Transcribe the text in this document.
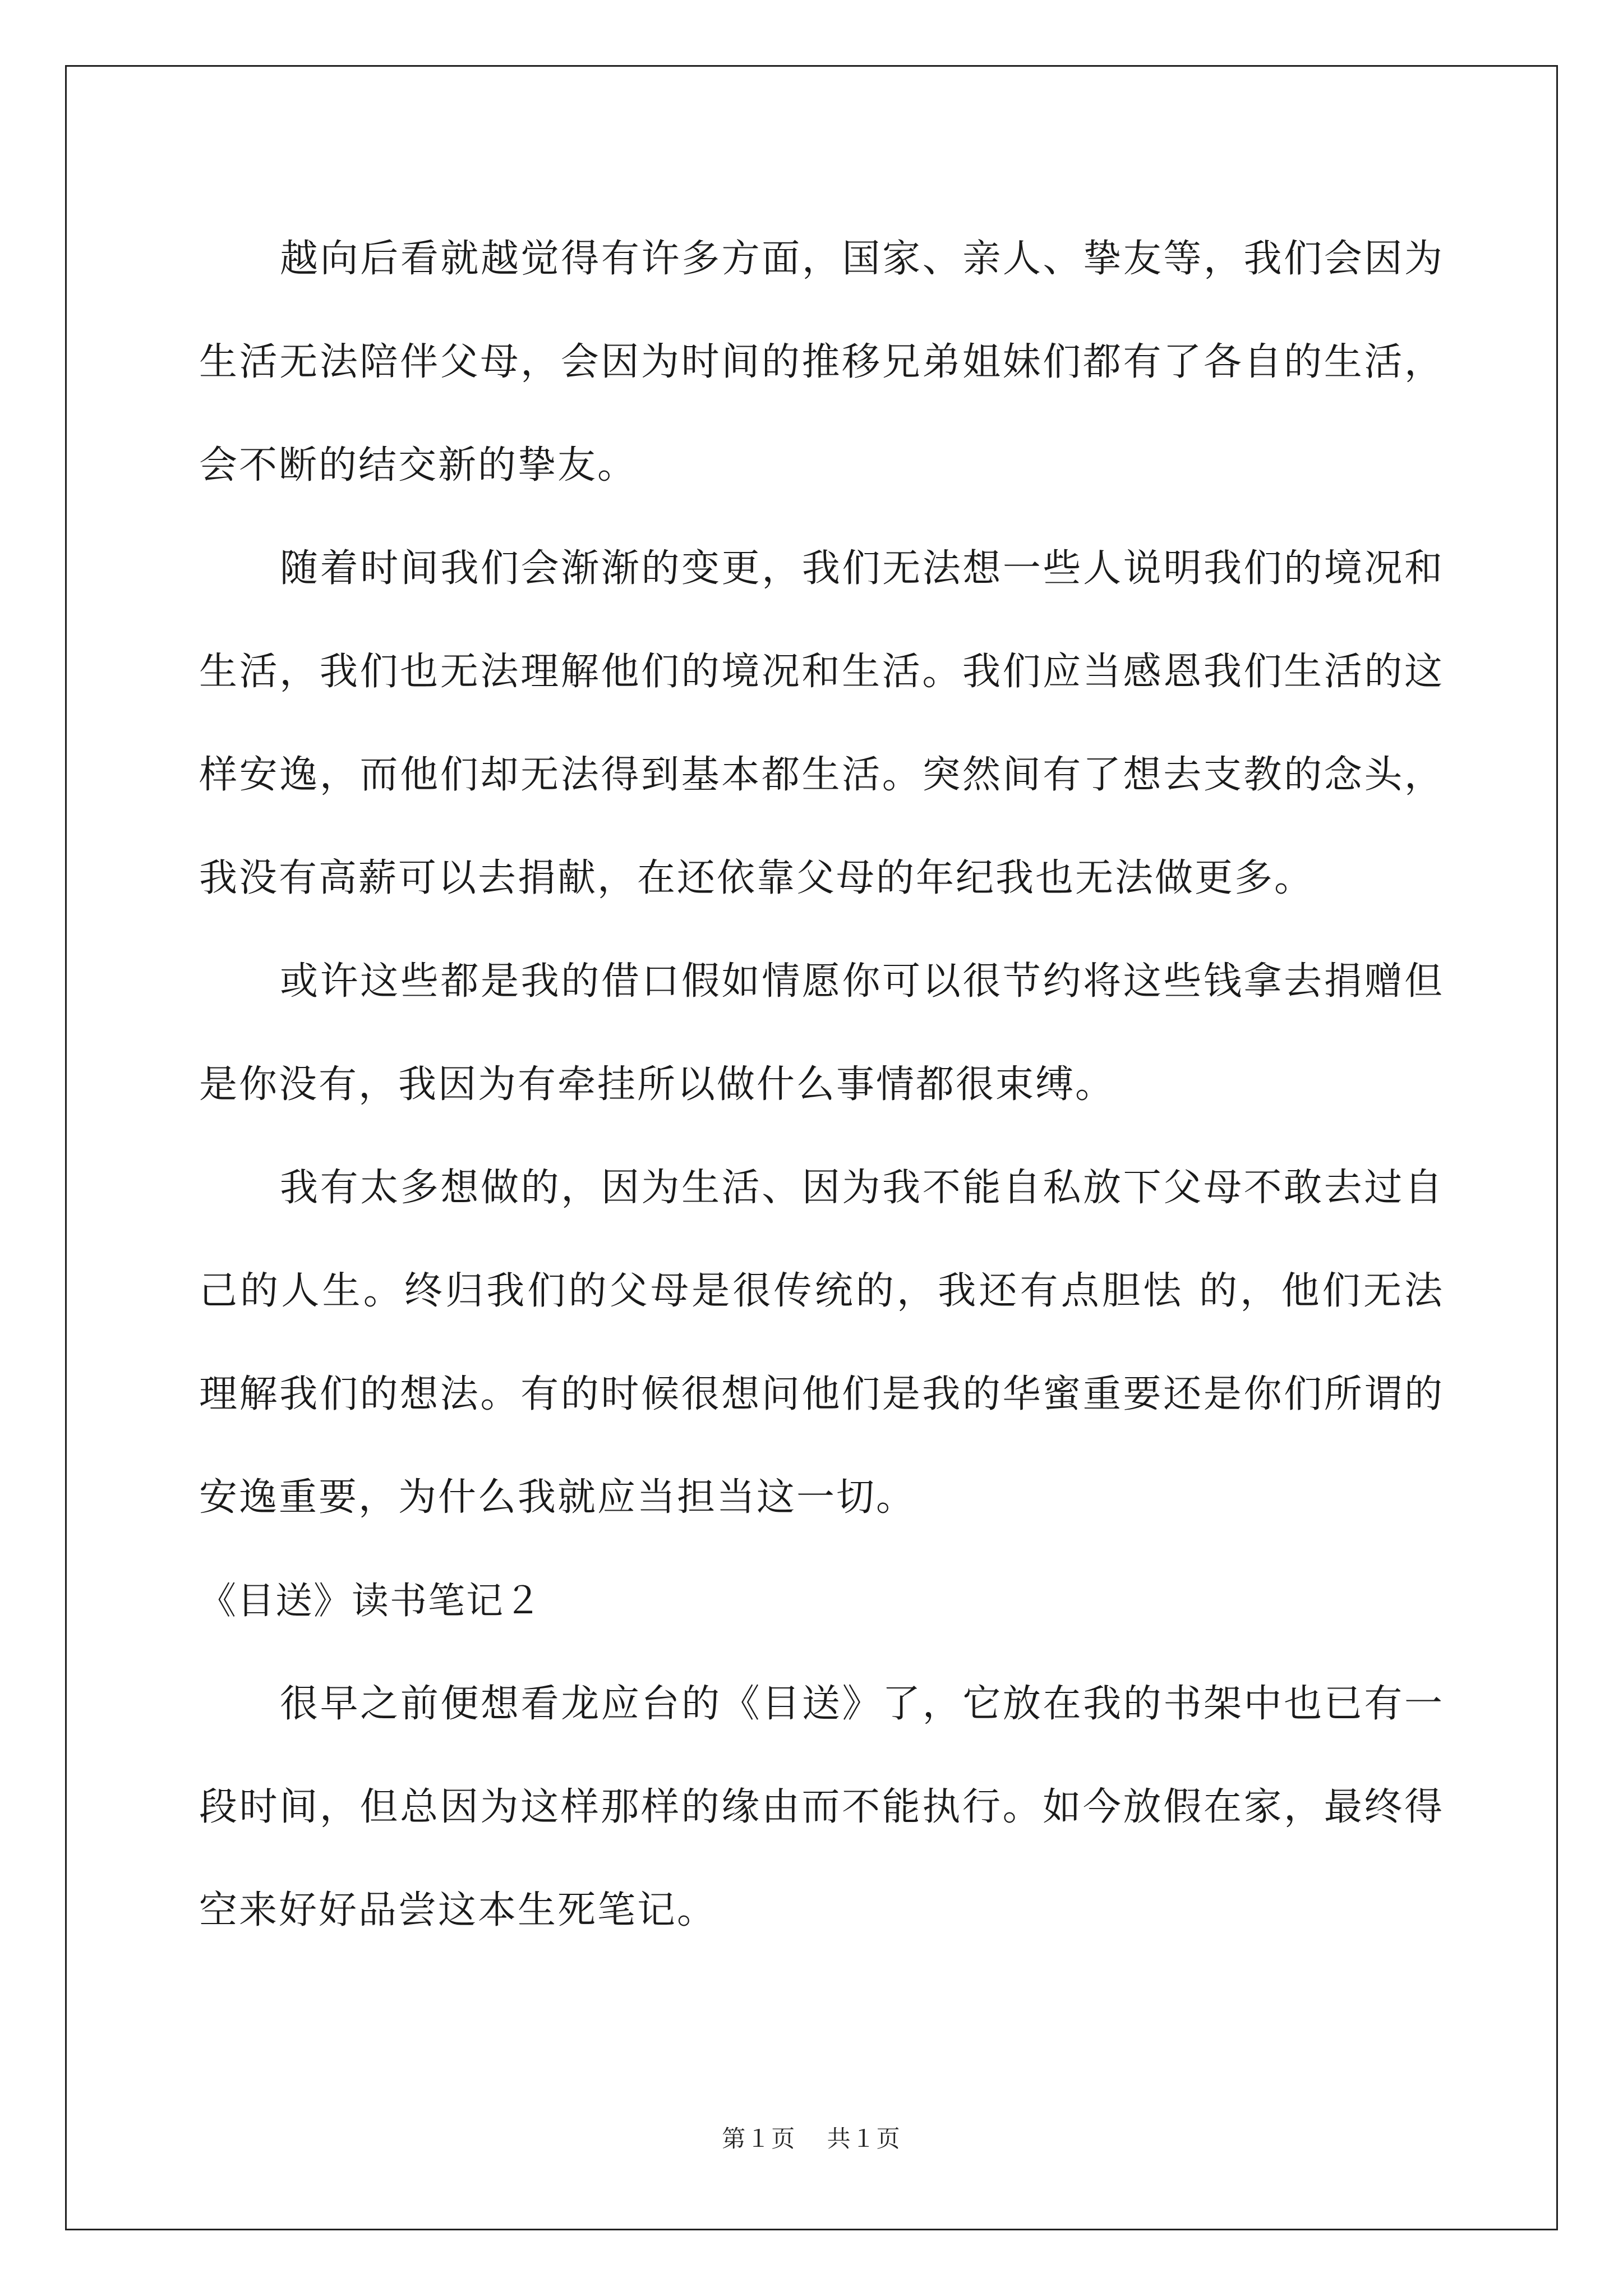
越向后看就越觉得有许多方面，国家、亲人、挚友等，我们会因为生活无法陪伴父母，会因为时间的推移兄弟姐妹们都有了各自的生活，会不断的结交新的挚友。

随着时间我们会渐渐的变更，我们无法想一些人说明我们的境况和生活，我们也无法理解他们的境况和生活。我们应当感恩我们生活的这样安逸，而他们却无法得到基本都生活。突然间有了想去支教的念头，我没有高薪可以去捐献，在还依靠父母的年纪我也无法做更多。

或许这些都是我的借口假如情愿你可以很节约将这些钱拿去捐赠但是你没有，我因为有牵挂所以做什么事情都很束缚。

我有太多想做的，因为生活、因为我不能自私放下父母不敢去过自己的人生。终归我们的父母是很传统的，我还有点胆怯 的，他们无法理解我们的想法。有的时候很想问他们是我的华蜜重要还是你们所谓的安逸重要，为什么我就应当担当这一切。

《目送》读书笔记２

很早之前便想看龙应台的《目送》了，它放在我的书架中也已有一段时间，但总因为这样那样的缘由而不能执行。如今放假在家，最终得空来好好品尝这本生死笔记。

第１页 共１页
